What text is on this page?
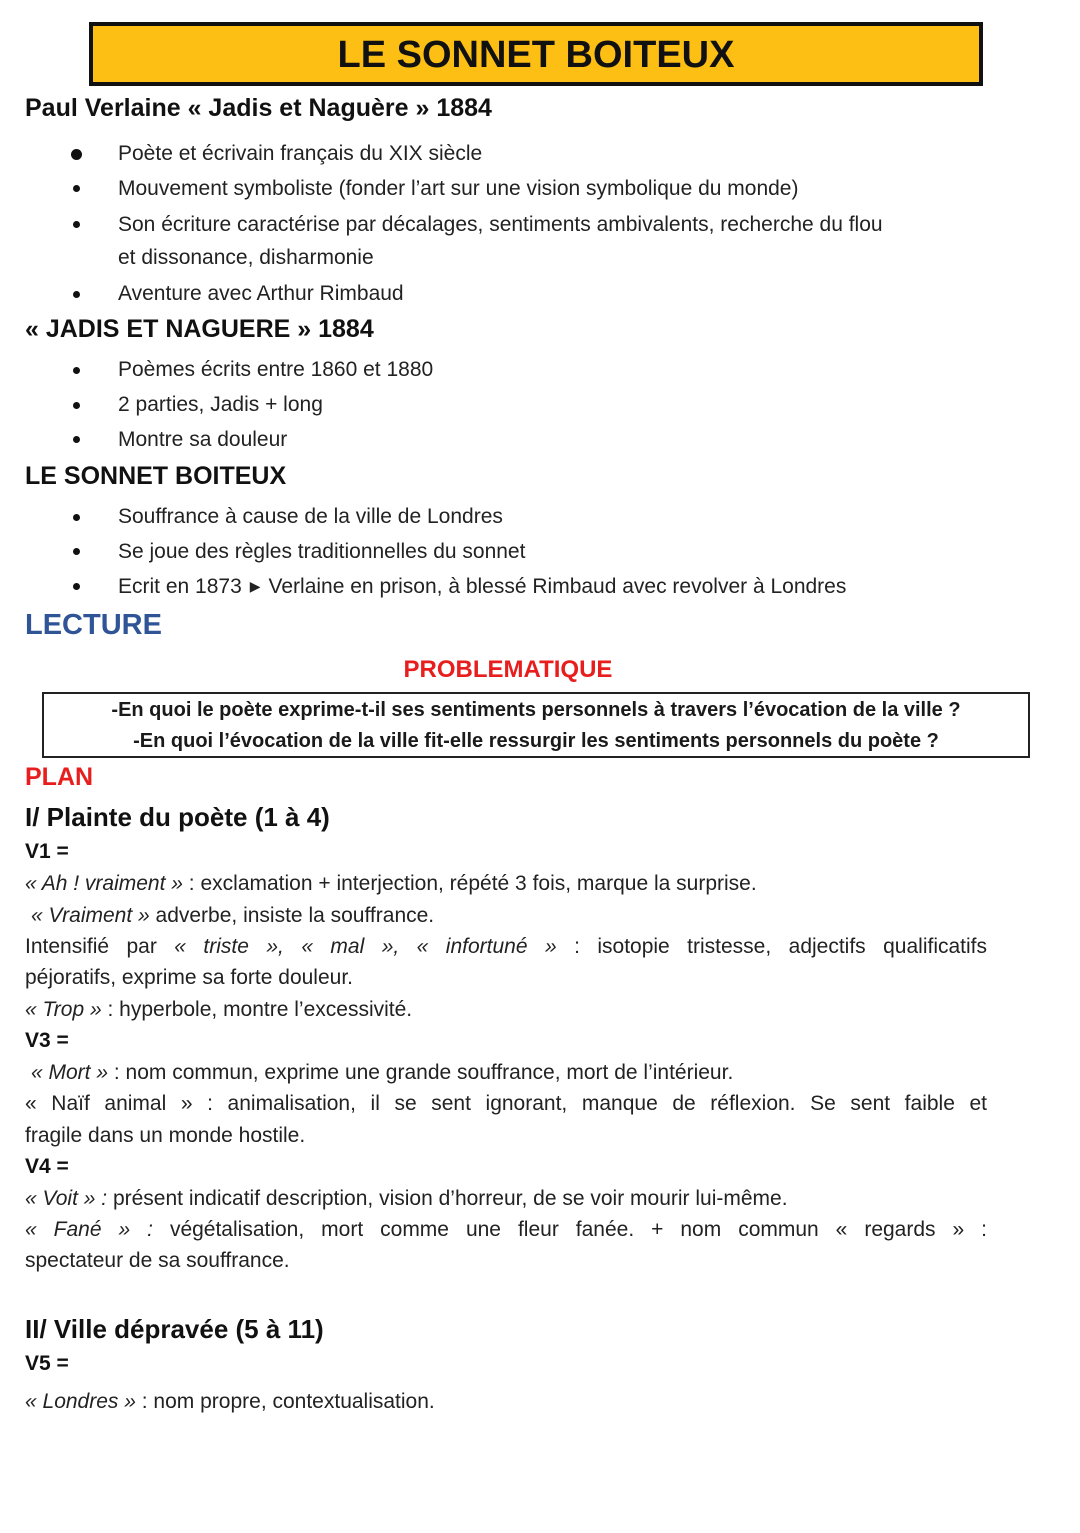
LE SONNET BOITEUX
Paul Verlaine « Jadis et Naguère » 1884
Poète et écrivain français du XIX siècle
Mouvement symboliste (fonder l’art sur une vision symbolique du monde)
Son écriture caractérise par décalages, sentiments ambivalents, recherche du flou
et dissonance, disharmonie
Aventure avec Arthur Rimbaud
« JADIS ET NAGUERE » 1884
Poèmes écrits entre 1860 et 1880
2 parties, Jadis + long
Montre sa douleur
LE SONNET BOITEUX
Souffrance à cause de la ville de Londres
Se joue des règles traditionnelles du sonnet
Ecrit en 1873 ▶ Verlaine en prison, à blessé Rimbaud avec revolver à Londres
LECTURE
PROBLEMATIQUE
-En quoi le poète exprime-t-il ses sentiments personnels à travers l’évocation de la ville ?
-En quoi l’évocation de la ville fit-elle ressurgir les sentiments personnels du poète ?
PLAN
I/ Plainte du poète (1 à 4)
V1 =
« Ah ! vraiment » : exclamation + interjection, répété 3 fois, marque la surprise.
« Vraiment » adverbe, insiste la souffrance.
Intensifié par « triste », « mal », « infortuné » : isotopie tristesse, adjectifs qualificatifs
péjoratifs, exprime sa forte douleur.
« Trop » : hyperbole, montre l’excessivité.
V3 =
« Mort » : nom commun, exprime une grande souffrance, mort de l’intérieur.
« Naïf animal » : animalisation, il se sent ignorant, manque de réflexion. Se sent faible et
fragile dans un monde hostile.
V4 =
« Voit » : présent indicatif description, vision d’horreur, de se voir mourir lui-même.
« Fané » : végétalisation, mort comme une fleur fanée. + nom commun « regards » :
spectateur de sa souffrance.
II/ Ville dépravée (5 à 11)
V5 =
« Londres » : nom propre, contextualisation.
